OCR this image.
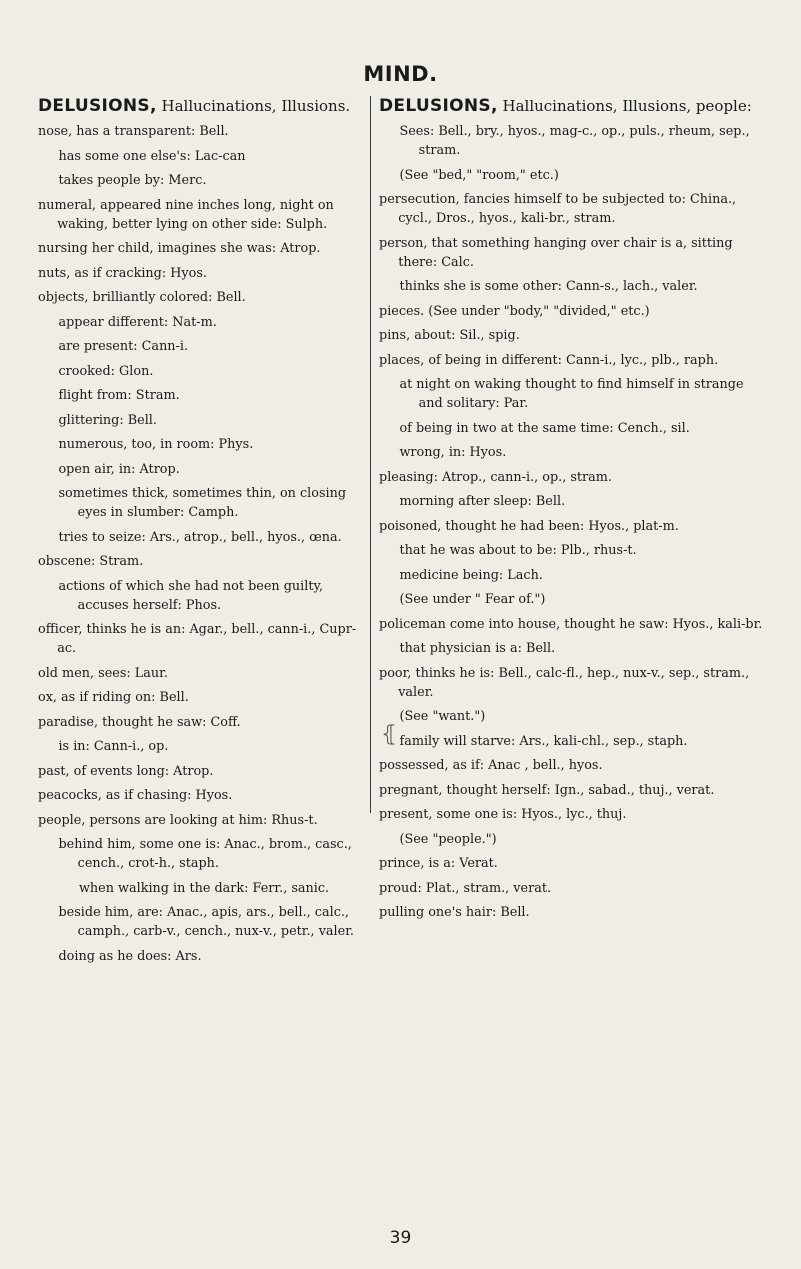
MIND.
DELUSIONS, Hallucinations, Illusions.
nose, has a transparent: Bell.
has some one else's: Lac-can
takes people by: Merc.
numeral, appeared nine inches long, night on waking, better lying on other side: Sulph.
nursing her child, imagines she was: Atrop.
nuts, as if cracking: Hyos.
objects, brilliantly colored: Bell.
appear different: Nat-m.
are present: Cann-i.
crooked: Glon.
flight from: Stram.
glittering: Bell.
numerous, too, in room: Phys.
open air, in: Atrop.
sometimes thick, sometimes thin, on closing eyes in slumber: Camph.
tries to seize: Ars., atrop., bell., hyos., œna.
obscene: Stram.
actions of which she had not been guilty, accuses herself: Phos.
officer, thinks he is an: Agar., bell., cann-i., Cupr-ac.
old men, sees: Laur.
ox, as if riding on: Bell.
paradise, thought he saw: Coff.
is in: Cann-i., op.
past, of events long: Atrop.
peacocks, as if chasing: Hyos.
people, persons are looking at him: Rhus-t.
behind him, some one is: Anac., brom., casc., cench., crot-h., staph.
when walking in the dark: Ferr., sanic.
beside him, are: Anac., apis, ars., bell., calc., camph., carb-v., cench., nux-v., petr., valer.
doing as he does: Ars.
DELUSIONS, Hallucinations, Illusions, people:
Sees: Bell., bry., hyos., mag-c., op., puls., rheum, sep., stram.
(See "bed," "room," etc.)
persecution, fancies himself to be subjected to: China., cycl., Dros., hyos., kali-br., stram.
person, that something hanging over chair is a, sitting there: Calc.
thinks she is some other: Cann-s., lach., valer.
pieces. (See under "body," "divided," etc.)
pins, about: Sil., spig.
places, of being in different: Cann-i., lyc., plb., raph.
at night on waking thought to find himself in strange and solitary: Par.
of being in two at the same time: Cench., sil.
wrong, in: Hyos.
pleasing: Atrop., cann-i., op., stram.
morning after sleep: Bell.
poisoned, thought he had been: Hyos., plat-m.
that he was about to be: Plb., rhus-t.
medicine being: Lach.
(See under " Fear of.")
policeman come into house, thought he saw: Hyos., kali-br.
that physician is a: Bell.
poor, thinks he is: Bell., calc-fl., hep., nux-v., sep., stram., valer.
(See "want.")
family will starve: Ars., kali-chl., sep., staph.
possessed, as if: Anac , bell., hyos.
pregnant, thought herself: Ign., sabad., thuj., verat.
present, some one is: Hyos., lyc., thuj.
(See "people.")
prince, is a: Verat.
proud: Plat., stram., verat.
pulling one's hair: Bell.
⦃
39
